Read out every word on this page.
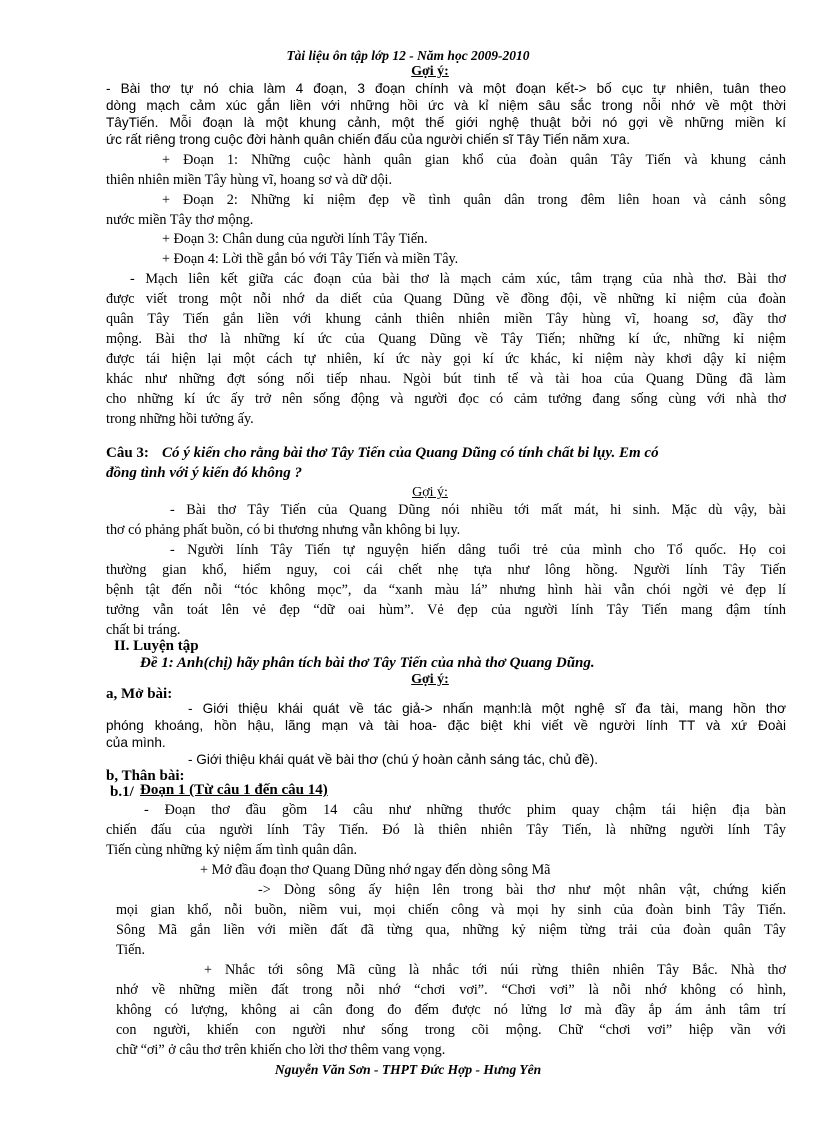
Tài liệu ôn tập lớp 12 - Năm học 2009-2010
Gợi ý:
- Bài thơ tự nó chia làm 4 đoạn, 3 đoạn chính và một đoạn kết-> bố cục tự nhiên, tuân theo
dòng mạch cảm xúc gắn liền với những hồi ức và kỉ niệm sâu sắc trong nỗi nhớ về một thời
TâyTiến. Mỗi đoạn là một khung cảnh, một thế giới nghệ thuật bởi nó gợi về những miền kí
ức rất riêng trong cuộc đời hành quân chiến đấu của người chiến sĩ Tây Tiến năm xưa.
+ Đoạn 1: Những cuộc hành quân gian khổ của đoàn quân Tây Tiến và khung cảnh
thiên nhiên miền Tây hùng vĩ, hoang sơ và dữ dội.
+ Đoạn 2: Những kỉ niệm đẹp về tình quân dân trong đêm liên hoan và cảnh sông
nước miền Tây thơ mộng.
+ Đoạn 3: Chân dung của người lính Tây Tiến.
+ Đoạn 4: Lời thề gắn bó với Tây Tiến và miền Tây.
- Mạch liên kết giữa các đoạn của bài thơ là mạch cảm xúc, tâm trạng của nhà thơ. Bài thơ
được viết trong một nỗi nhớ da diết của Quang Dũng về đồng đội, về những kỉ niệm của đoàn
quân Tây Tiến gắn liền với khung cảnh thiên nhiên miền Tây hùng vĩ, hoang sơ, đầy thơ
mộng. Bài thơ là những kí ức của Quang Dũng về Tây Tiến; những kí ức, những kỉ niệm
được tái hiện lại một cách tự nhiên, kí ức này gọi kí ức khác, kỉ niệm này khơi dậy kỉ niệm
khác như những đợt sóng nối tiếp nhau. Ngòi bút tinh tế và tài hoa của Quang Dũng đã làm
cho những kí ức ấy trở nên sống động và người đọc có cảm tưởng đang sống cùng với nhà thơ
trong những hồi tưởng ấy.
Câu 3: Có ý kiến cho rằng bài thơ Tây Tiến của Quang Dũng có tính chất bi lụy. Em có
đồng tình với ý kiến đó không ?
Gợi ý:
- Bài thơ Tây Tiến của Quang Dũng nói nhiều tới mất mát, hi sinh. Mặc dù vậy, bài
thơ có phảng phất buồn, có bi thương nhưng vẫn không bi lụy.
- Người lính Tây Tiến tự nguyện hiến dâng tuổi trẻ của mình cho Tổ quốc. Họ coi
thường gian khổ, hiểm nguy, coi cái chết nhẹ tựa như lông hồng. Người lính Tây Tiến
bệnh tật đến nỗi “tóc không mọc”, da “xanh màu lá” nhưng hình hài vẫn chói ngời vẻ đẹp lí
tưởng vẫn toát lên vẻ đẹp “dữ oai hùm”. Vẻ đẹp của người lính Tây Tiến mang đậm tính
chất bi tráng.
II. Luyện tập
Đề 1: Anh(chị) hãy phân tích bài thơ Tây Tiến của nhà thơ Quang Dũng.
Gợi ý:
a, Mở bài:
- Giới thiệu khái quát về tác giả-> nhấn mạnh:là một nghệ sĩ đa tài, mang hồn thơ
phóng khoáng, hồn hậu, lãng mạn và tài hoa- đặc biệt khi viết về người lính TT và xứ Đoài
của mình.
- Giới thiệu khái quát về bài thơ (chú ý hoàn cảnh sáng tác, chủ đề).
b, Thân bài:
b.1/ Đoạn 1 (Từ câu 1 đến câu 14)
- Đoạn thơ đầu gồm 14 câu như những thước phim quay chậm tái hiện địa bàn
chiến đấu của người lính Tây Tiến. Đó là thiên nhiên Tây Tiến, là những người lính Tây
Tiến cùng những kỷ niệm ấm tình quân dân.
+ Mở đầu đoạn thơ Quang Dũng nhớ ngay đến dòng sông Mã
-> Dòng sông ấy hiện lên trong bài thơ như một nhân vật, chứng kiến
mọi gian khổ, nỗi buồn, niềm vui, mọi chiến công và mọi hy sinh của đoàn binh Tây Tiến.
Sông Mã gắn liền với miền đất đã từng qua, những kỷ niệm từng trải của đoàn quân Tây
Tiến.
+ Nhắc tới sông Mã cũng là nhắc tới núi rừng thiên nhiên Tây Bắc. Nhà thơ
nhớ về những miền đất trong nỗi nhớ “chơi vơi”. “Chơi vơi” là nỗi nhớ không có hình,
không có lượng, không ai cân đong đo đếm được nó lửng lơ mà đầy ắp ám ảnh tâm trí
con người, khiến con người như sống trong cõi mộng. Chữ “chơi vơi” hiệp vần với
chữ “ơi” ở câu thơ trên khiến cho lời thơ thêm vang vọng.
Nguyễn Văn Sơn - THPT Đức Hợp - Hưng Yên
